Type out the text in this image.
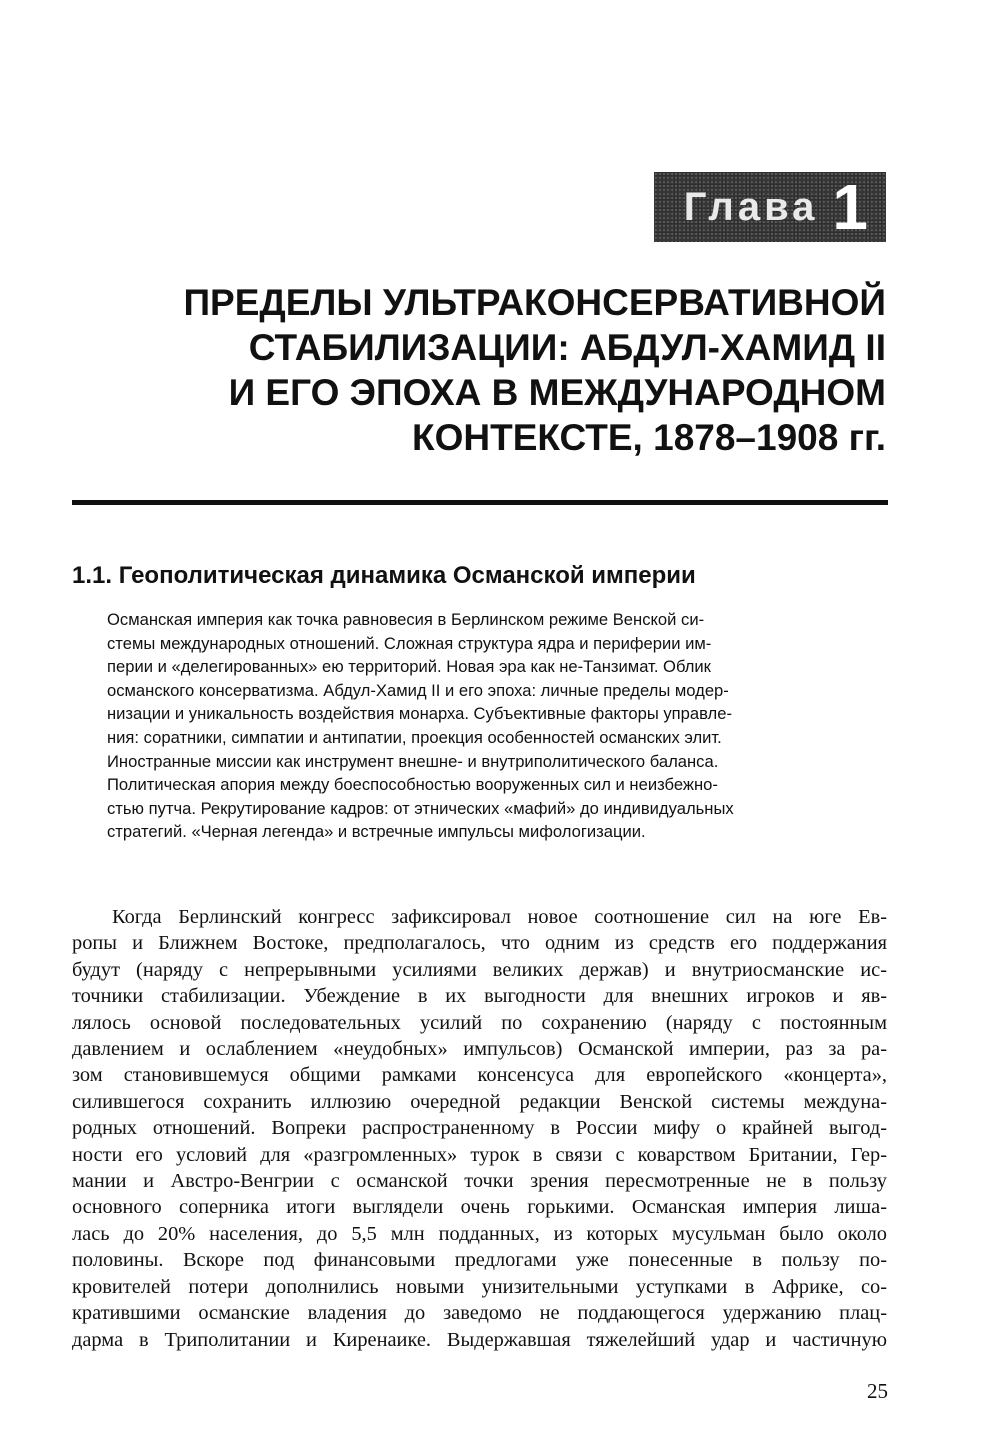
Глава 1
ПРЕДЕЛЫ УЛЬТРАКОНСЕРВАТИВНОЙ
СТАБИЛИЗАЦИИ: АБДУЛ-ХАМИД II
И ЕГО ЭПОХА В МЕЖДУНАРОДНОМ
КОНТЕКСТЕ, 1878–1908 гг.
1.1. Геополитическая динамика Османской империи
Османская империя как точка равновесия в Берлинском режиме Венской си-
стемы международных отношений. Сложная структура ядра и периферии им-
перии и «делегированных» ею территорий. Новая эра как не-Танзимат. Облик
османского консерватизма. Абдул-Хамид II и его эпоха: личные пределы модер-
низации и уникальность воздействия монарха. Субъективные факторы управле-
ния: соратники, симпатии и антипатии, проекция особенностей османских элит.
Иностранные миссии как инструмент внешне- и внутриполитического баланса.
Политическая апория между боеспособностью вооруженных сил и неизбежно-
стью путча. Рекрутирование кадров: от этнических «мафий» до индивидуальных
стратегий. «Черная легенда» и встречные импульсы мифологизации.
Когда Берлинский конгресс зафиксировал новое соотношение сил на юге Ев-
ропы и Ближнем Востоке, предполагалось, что одним из средств его поддержания
будут (наряду с непрерывными усилиями великих держав) и внутриосманские ис-
точники стабилизации. Убеждение в их выгодности для внешних игроков и яв-
лялось основой последовательных усилий по сохранению (наряду с постоянным
давлением и ослаблением «неудобных» импульсов) Османской империи, раз за ра-
зом становившемуся общими рамками консенсуса для европейского «концерта»,
силившегося сохранить иллюзию очередной редакции Венской системы междуна-
родных отношений. Вопреки распространенному в России мифу о крайней выгод-
ности его условий для «разгромленных» турок в связи с коварством Британии, Гер-
мании и Австро-Венгрии с османской точки зрения пересмотренные не в пользу
основного соперника итоги выглядели очень горькими. Османская империя лиша-
лась до 20% населения, до 5,5 млн подданных, из которых мусульман было около
половины. Вскоре под финансовыми предлогами уже понесенные в пользу по-
кровителей потери дополнились новыми унизительными уступками в Африке, со-
кратившими османские владения до заведомо не поддающегося удержанию плац-
дарма в Триполитании и Киренаике. Выдержавшая тяжелейший удар и частичную
25
